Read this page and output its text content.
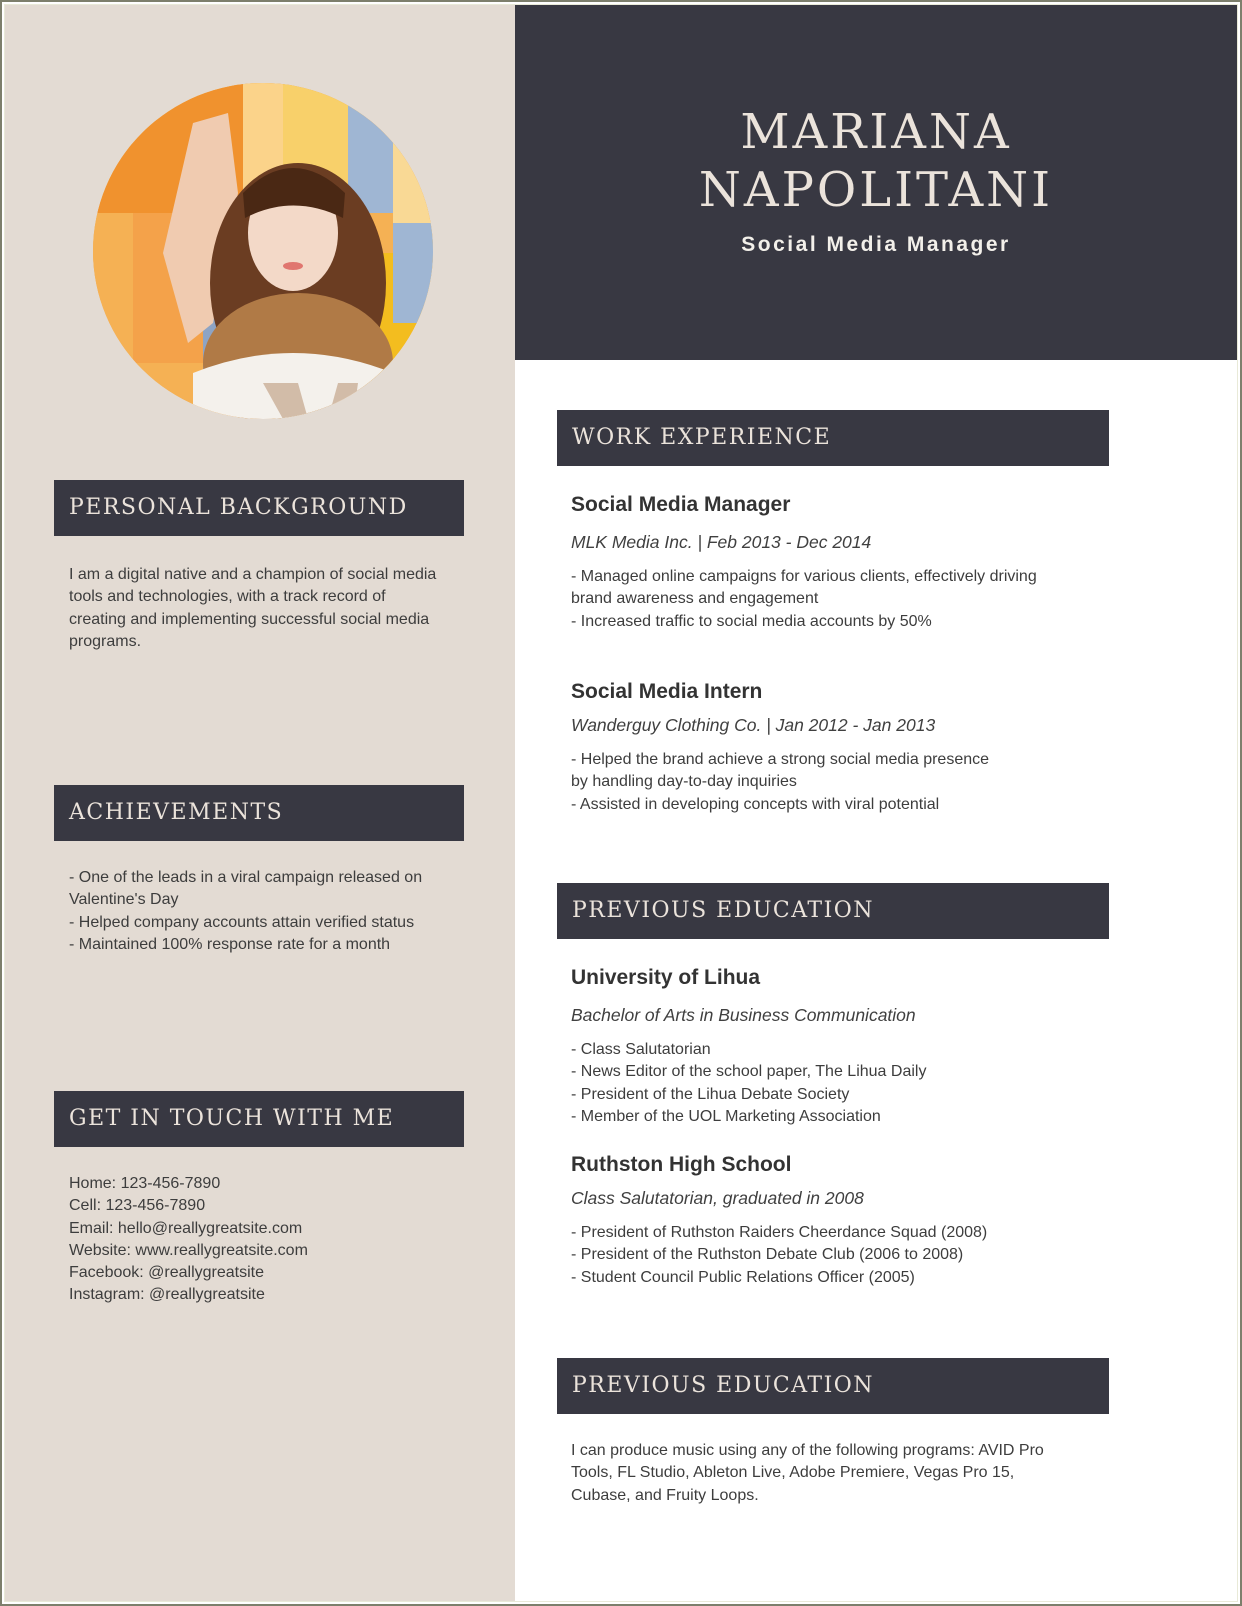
PERSONAL BACKGROUND
I am a digital native and a champion of social media
tools and technologies, with a track record of
creating and implementing successful social media
programs.
ACHIEVEMENTS
- One of the leads in a viral campaign released on
Valentine's Day
- Helped company accounts attain verified status
- Maintained 100% response rate for a month
GET IN TOUCH WITH ME
Home: 123-456-7890
Cell: 123-456-7890
Email: hello@reallygreatsite.com
Website: www.reallygreatsite.com
Facebook: @reallygreatsite
Instagram: @reallygreatsite
MARIANA
NAPOLITANI
Social Media Manager
WORK EXPERIENCE
Social Media Manager
MLK Media Inc. | Feb 2013 - Dec 2014
- Managed online campaigns for various clients, effectively driving
brand awareness and engagement
- Increased traffic to social media accounts by 50%
Social Media Intern
Wanderguy Clothing Co. | Jan 2012 - Jan 2013
- Helped the brand achieve a strong social media presence
by handling day-to-day inquiries
- Assisted in developing concepts with viral potential
PREVIOUS EDUCATION
University of Lihua
Bachelor of Arts in Business Communication
- Class Salutatorian
- News Editor of the school paper, The Lihua Daily
- President of the Lihua Debate Society
- Member of the UOL Marketing Association
Ruthston High School
Class Salutatorian, graduated in 2008
- President of Ruthston Raiders Cheerdance Squad (2008)
- President of the Ruthston Debate Club (2006 to 2008)
- Student Council Public Relations Officer (2005)
PREVIOUS EDUCATION
I can produce music using any of the following programs: AVID Pro
Tools, FL Studio, Ableton Live, Adobe Premiere, Vegas Pro 15,
Cubase, and Fruity Loops.
